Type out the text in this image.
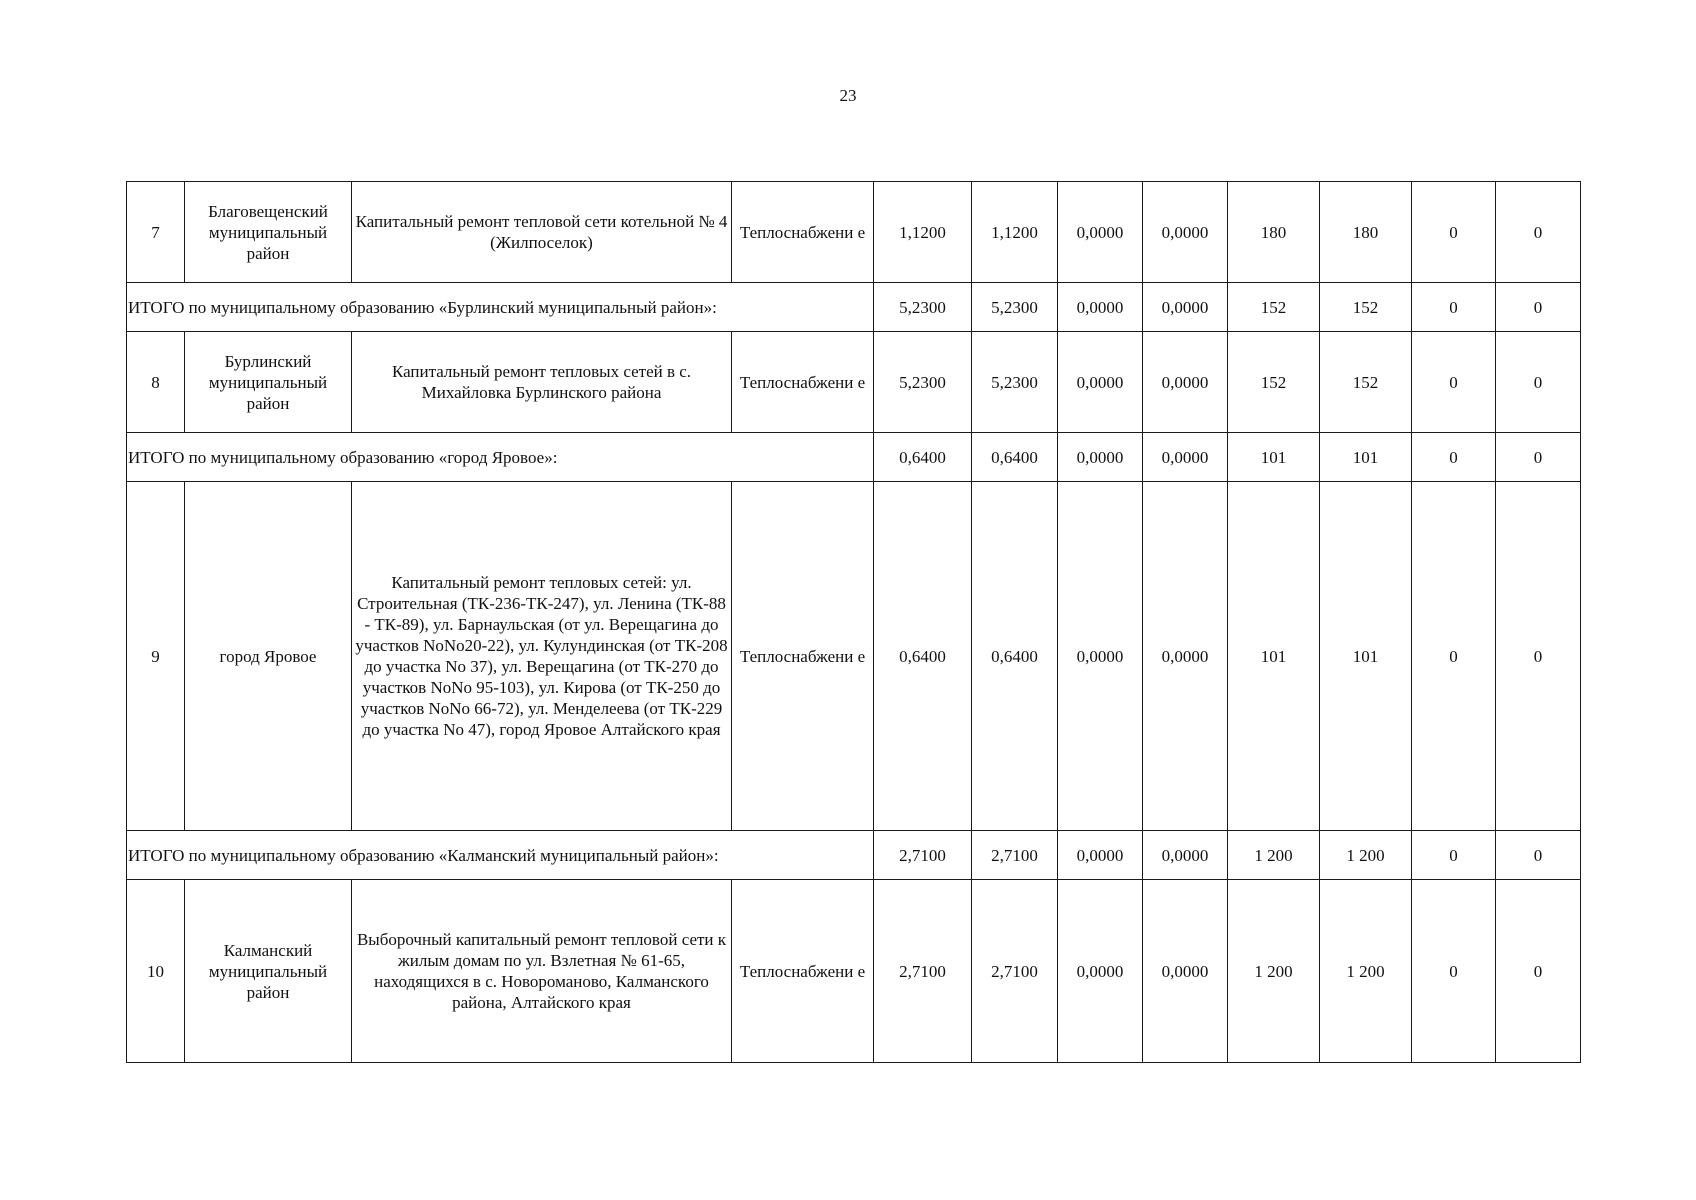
23
7	Благовещенский муниципальный район	Капитальный ремонт тепловой сети котельной № 4 (Жилпоселок)	Теплоснабжени е	1,1200	1,1200	0,0000	0,0000	180	180	0	0
ИТОГО по муниципальному образованию «Бурлинский муниципальный район»:				5,2300	5,2300	0,0000	0,0000	152	152	0	0
8	Бурлинский муниципальный район	Капитальный ремонт тепловых сетей в с. Михайловка Бурлинского района	Теплоснабжени е	5,2300	5,2300	0,0000	0,0000	152	152	0	0
ИТОГО по муниципальному образованию «город Яровое»:				0,6400	0,6400	0,0000	0,0000	101	101	0	0
9	город Яровое	Капитальный ремонт тепловых сетей: ул. Строительная (ТК-236-ТК-247), ул. Ленина (ТК-88 - ТК-89), ул. Барнаульская (от ул. Верещагина до участков NoNo20-22), ул. Кулундинская (от ТК-208 до участка No 37), ул. Верещагина (от ТК-270 до участков NoNo 95-103), ул. Кирова (от ТК-250 до участков NoNo 66-72), ул. Менделеева (от ТК-229 до участка No 47), город Яровое Алтайского края	Теплоснабжени е	0,6400	0,6400	0,0000	0,0000	101	101	0	0
ИТОГО по муниципальному образованию «Калманский муниципальный район»:				2,7100	2,7100	0,0000	0,0000	1 200	1 200	0	0
10	Калманский муниципальный район	Выборочный капитальный ремонт тепловой сети к жилым домам по ул. Взлетная № 61-65, находящихся в с. Новороманово, Калманского района, Алтайского края	Теплоснабжени е	2,7100	2,7100	0,0000	0,0000	1 200	1 200	0	0
